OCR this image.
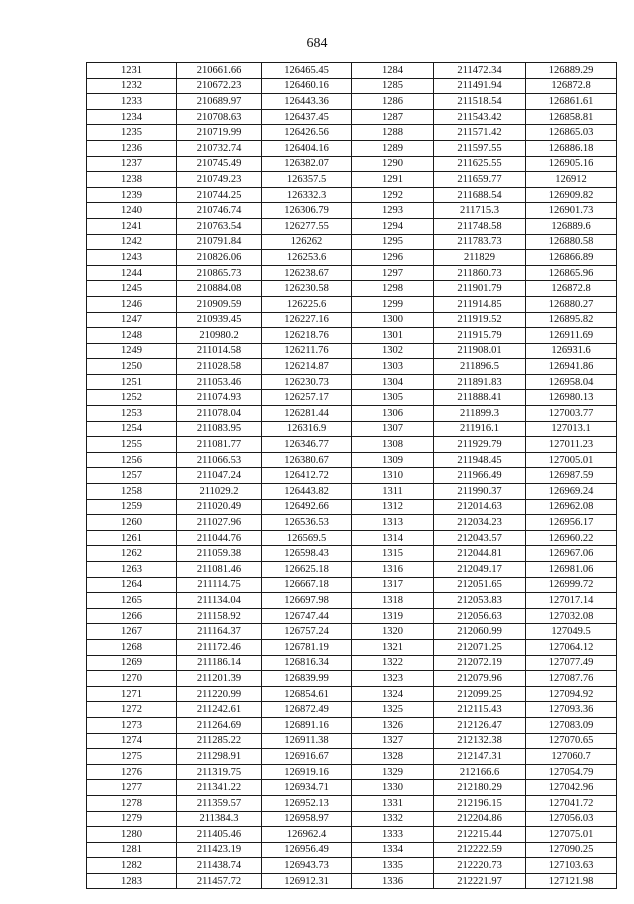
684
1231	210661.66	126465.45	1284	211472.34	126889.29
1232	210672.23	126460.16	1285	211491.94	126872.8
1233	210689.97	126443.36	1286	211518.54	126861.61
1234	210708.63	126437.45	1287	211543.42	126858.81
1235	210719.99	126426.56	1288	211571.42	126865.03
1236	210732.74	126404.16	1289	211597.55	126886.18
1237	210745.49	126382.07	1290	211625.55	126905.16
1238	210749.23	126357.5	1291	211659.77	126912
1239	210744.25	126332.3	1292	211688.54	126909.82
1240	210746.74	126306.79	1293	211715.3	126901.73
1241	210763.54	126277.55	1294	211748.58	126889.6
1242	210791.84	126262	1295	211783.73	126880.58
1243	210826.06	126253.6	1296	211829	126866.89
1244	210865.73	126238.67	1297	211860.73	126865.96
1245	210884.08	126230.58	1298	211901.79	126872.8
1246	210909.59	126225.6	1299	211914.85	126880.27
1247	210939.45	126227.16	1300	211919.52	126895.82
1248	210980.2	126218.76	1301	211915.79	126911.69
1249	211014.58	126211.76	1302	211908.01	126931.6
1250	211028.58	126214.87	1303	211896.5	126941.86
1251	211053.46	126230.73	1304	211891.83	126958.04
1252	211074.93	126257.17	1305	211888.41	126980.13
1253	211078.04	126281.44	1306	211899.3	127003.77
1254	211083.95	126316.9	1307	211916.1	127013.1
1255	211081.77	126346.77	1308	211929.79	127011.23
1256	211066.53	126380.67	1309	211948.45	127005.01
1257	211047.24	126412.72	1310	211966.49	126987.59
1258	211029.2	126443.82	1311	211990.37	126969.24
1259	211020.49	126492.66	1312	212014.63	126962.08
1260	211027.96	126536.53	1313	212034.23	126956.17
1261	211044.76	126569.5	1314	212043.57	126960.22
1262	211059.38	126598.43	1315	212044.81	126967.06
1263	211081.46	126625.18	1316	212049.17	126981.06
1264	211114.75	126667.18	1317	212051.65	126999.72
1265	211134.04	126697.98	1318	212053.83	127017.14
1266	211158.92	126747.44	1319	212056.63	127032.08
1267	211164.37	126757.24	1320	212060.99	127049.5
1268	211172.46	126781.19	1321	212071.25	127064.12
1269	211186.14	126816.34	1322	212072.19	127077.49
1270	211201.39	126839.99	1323	212079.96	127087.76
1271	211220.99	126854.61	1324	212099.25	127094.92
1272	211242.61	126872.49	1325	212115.43	127093.36
1273	211264.69	126891.16	1326	212126.47	127083.09
1274	211285.22	126911.38	1327	212132.38	127070.65
1275	211298.91	126916.67	1328	212147.31	127060.7
1276	211319.75	126919.16	1329	212166.6	127054.79
1277	211341.22	126934.71	1330	212180.29	127042.96
1278	211359.57	126952.13	1331	212196.15	127041.72
1279	211384.3	126958.97	1332	212204.86	127056.03
1280	211405.46	126962.4	1333	212215.44	127075.01
1281	211423.19	126956.49	1334	212222.59	127090.25
1282	211438.74	126943.73	1335	212220.73	127103.63
1283	211457.72	126912.31	1336	212221.97	127121.98
